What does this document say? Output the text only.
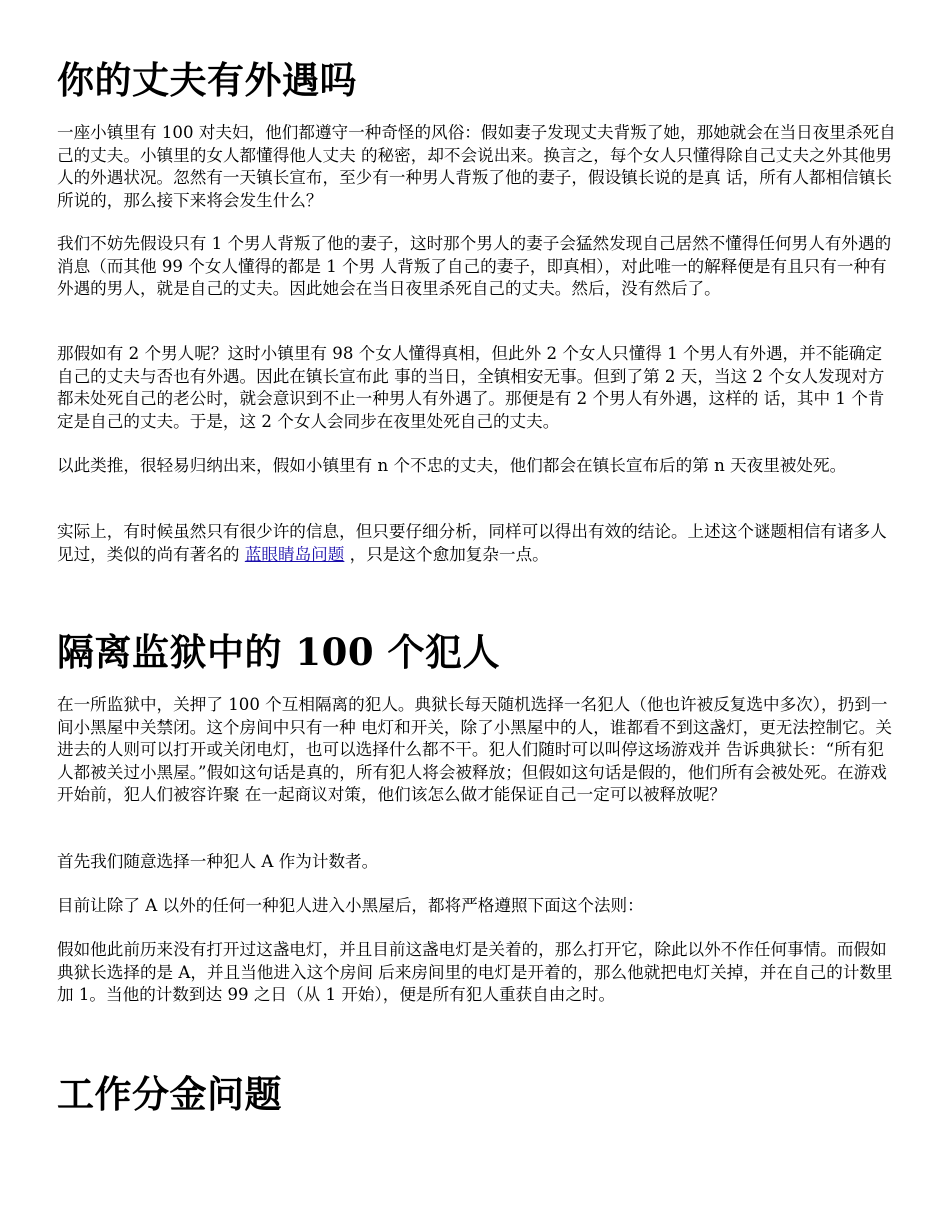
你的丈夫有外遇吗

一座小镇里有 100 对夫妇，他们都遵守一种奇怪的风俗：假如妻子发现丈夫背叛了她，那她就会在当日夜里杀死自己的丈夫。小镇里的女人都懂得他人丈夫 的秘密，却不会说出来。换言之，每个女人只懂得除自己丈夫之外其他男人的外遇状况。忽然有一天镇长宣布，至少有一种男人背叛了他的妻子，假设镇长说的是真 话，所有人都相信镇长所说的，那么接下来将会发生什么？

我们不妨先假设只有 1 个男人背叛了他的妻子，这时那个男人的妻子会猛然发现自己居然不懂得任何男人有外遇的消息（而其他 99 个女人懂得的都是 1 个男 人背叛了自己的妻子，即真相），对此唯一的解释便是有且只有一种有外遇的男人，就是自己的丈夫。因此她会在当日夜里杀死自己的丈夫。然后，没有然后了。

那假如有 2 个男人呢？这时小镇里有 98 个女人懂得真相，但此外 2 个女人只懂得 1 个男人有外遇，并不能确定自己的丈夫与否也有外遇。因此在镇长宣布此 事的当日，全镇相安无事。但到了第 2 天，当这 2 个女人发现对方都未处死自己的老公时，就会意识到不止一种男人有外遇了。那便是有 2 个男人有外遇，这样的 话，其中 1 个肯定是自己的丈夫。于是，这 2 个女人会同步在夜里处死自己的丈夫。

以此类推，很轻易归纳出来，假如小镇里有 n 个不忠的丈夫，他们都会在镇长宣布后的第 n 天夜里被处死。

实际上，有时候虽然只有很少许的信息，但只要仔细分析，同样可以得出有效的结论。上述这个谜题相信有诸多人见过，类似的尚有著名的 蓝眼睛岛问题 ，只是这个愈加复杂一点。

隔离监狱中的 100 个犯人

在一所监狱中，关押了 100 个互相隔离的犯人。典狱长每天随机选择一名犯人（他也许被反复选中多次），扔到一间小黑屋中关禁闭。这个房间中只有一种 电灯和开关，除了小黑屋中的人，谁都看不到这盏灯，更无法控制它。关进去的人则可以打开或关闭电灯，也可以选择什么都不干。犯人们随时可以叫停这场游戏并 告诉典狱长：“所有犯人都被关过小黑屋。”假如这句话是真的，所有犯人将会被释放；但假如这句话是假的，他们所有会被处死。在游戏开始前，犯人们被容许聚 在一起商议对策，他们该怎么做才能保证自己一定可以被释放呢？

首先我们随意选择一种犯人 A 作为计数者。

目前让除了 A 以外的任何一种犯人进入小黑屋后，都将严格遵照下面这个法则：

假如他此前历来没有打开过这盏电灯，并且目前这盏电灯是关着的，那么打开它，除此以外不作任何事情。而假如典狱长选择的是 A，并且当他进入这个房间 后来房间里的电灯是开着的，那么他就把电灯关掉，并在自己的计数里加 1。当他的计数到达 99 之日（从 1 开始），便是所有犯人重获自由之时。

工作分金问题
